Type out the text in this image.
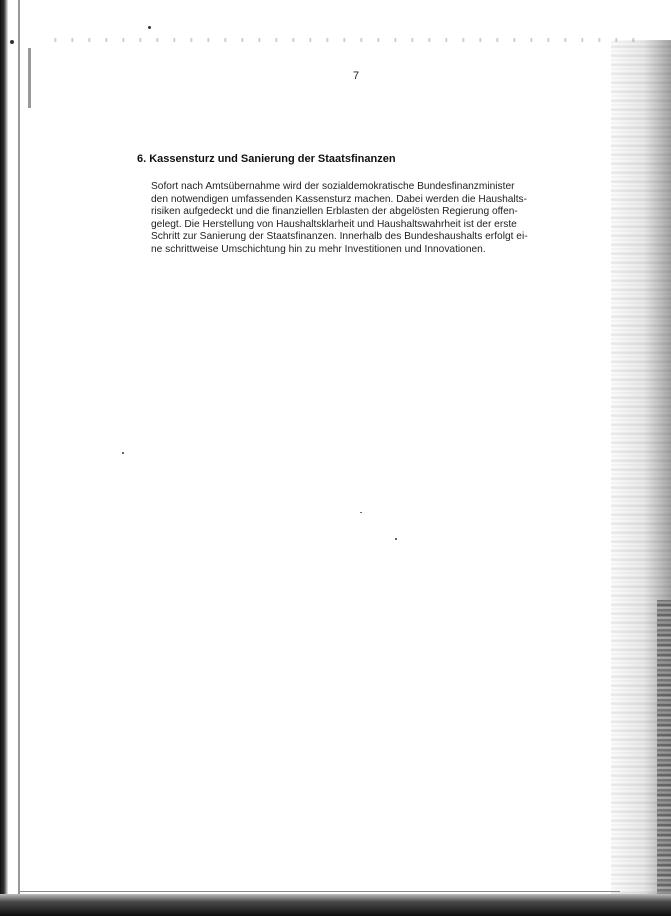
7
6. Kassensturz und Sanierung der Staatsfinanzen
Sofort nach Amtsübernahme wird der sozialdemokratische Bundesfinanzminister
den notwendigen umfassenden Kassensturz machen. Dabei werden die Haushalts-
risiken aufgedeckt und die finanziellen Erblasten der abgelösten Regierung offen-
gelegt. Die Herstellung von Haushaltsklarheit und Haushaltswahrheit ist der erste
Schritt zur Sanierung der Staatsfinanzen. Innerhalb des Bundeshaushalts erfolgt ei-
ne schrittweise Umschichtung hin zu mehr Investitionen und Innovationen.
